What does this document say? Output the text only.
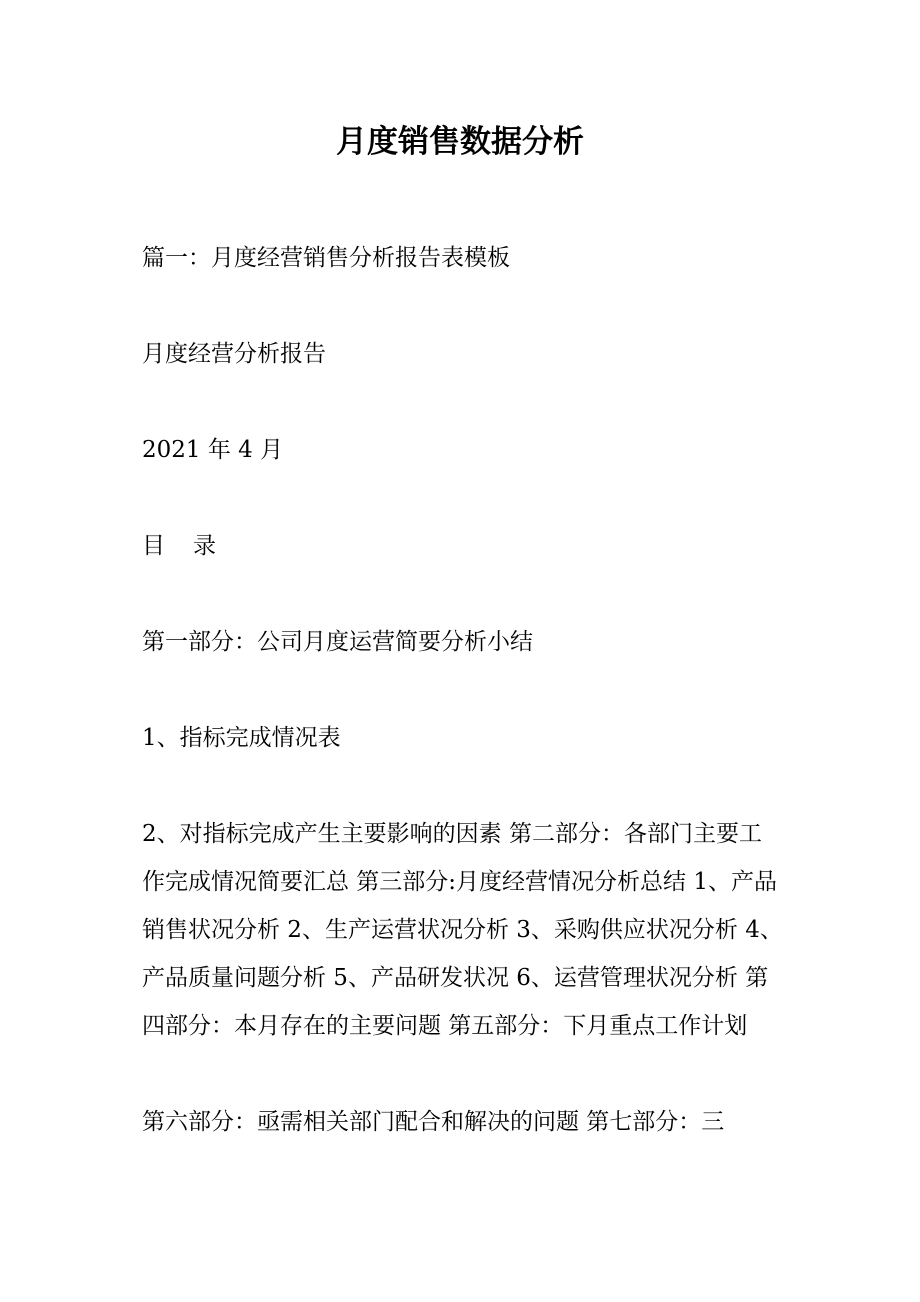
月度销售数据分析

篇一：月度经营销售分析报告表模板

月度经营分析报告

2021 年 4 月

目 录

第一部分：公司月度运营简要分析小结

1、指标完成情况表

2、对指标完成产生主要影响的因素 第二部分：各部门主要工作完成情况简要汇总 第三部分:月度经营情况分析总结 1、产品销售状况分析 2、生产运营状况分析 3、采购供应状况分析 4、产品质量问题分析 5、产品研发状况 6、运营管理状况分析 第四部分：本月存在的主要问题 第五部分：下月重点工作计划

第六部分：亟需相关部门配合和解决的问题 第七部分：三
